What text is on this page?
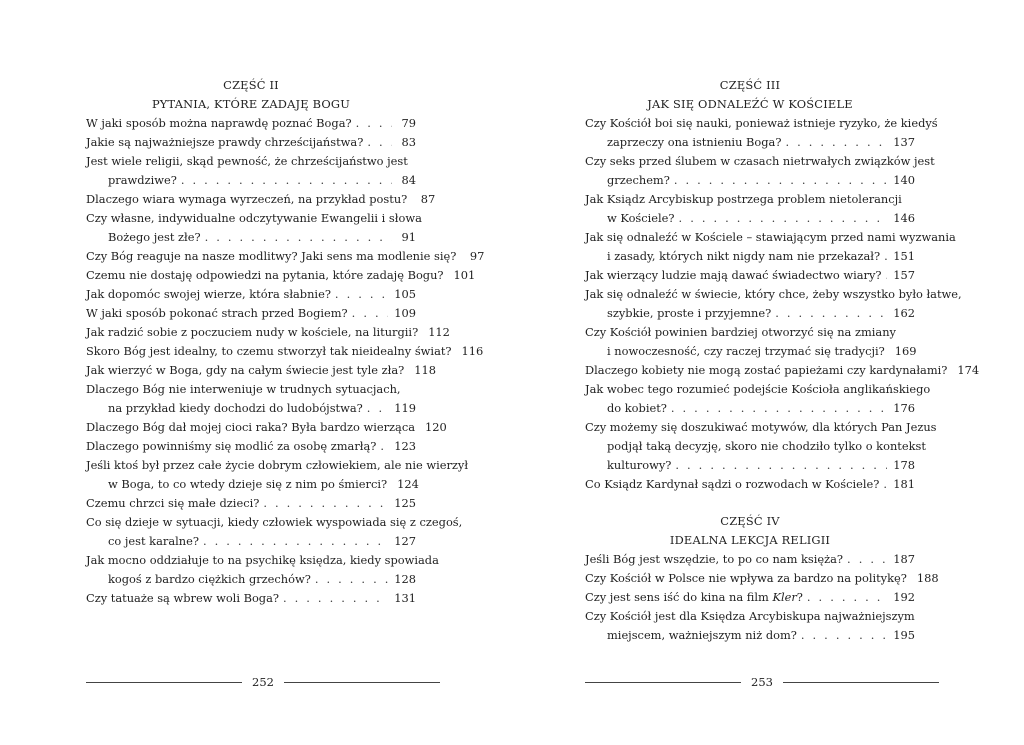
CZĘŚĆ II
PYTANIA, KTÓRE ZADAJĘ BOGU
W jaki sposób można naprawdę poznać Boga? . . .	79
Jakie są najważniejsze prawdy chrześcijaństwa? . . .	83
Jest wiele religii, skąd pewność, że chrześcijaństwo jest
prawdziwe? . . .	84
Dlaczego wiara wymaga wyrzeczeń, na przykład postu?	87
Czy własne, indywidualne odczytywanie Ewangelii i słowa
Bożego jest złe? . . .	91
Czy Bóg reaguje na nasze modlitwy? Jaki sens ma modlenie się?	97
Czemu nie dostaję odpowiedzi na pytania, które zadaję Bogu? 101
Jak dopomóc swojej wierze, która słabnie? . . .	105
W jaki sposób pokonać strach przed Bogiem? . . .	109
Jak radzić sobie z poczuciem nudy w kościele, na liturgii? 112
Skoro Bóg jest idealny, to czemu stworzył tak nieidealny świat? 116
Jak wierzyć w Boga, gdy na całym świecie jest tyle zła? 118
Dlaczego Bóg nie interweniuje w trudnych sytuacjach,
na przykład kiedy dochodzi do ludobójstwa? . . .	119
Dlaczego Bóg dał mojej cioci raka? Była bardzo wierząca 120
Dlaczego powinniśmy się modlić za osobę zmarłą? . . . 123
Jeśli ktoś był przez całe życie dobrym człowiekiem, ale nie wierzył
w Boga, to co wtedy dzieje się z nim po śmierci? 124
Czemu chrzci się małe dzieci? . . .	125
Co się dzieje w sytuacji, kiedy człowiek wyspowiada się z czegoś,
co jest karalne? . . .	127
Jak mocno oddziałuje to na psychikę księdza, kiedy spowiada
kogoś z bardzo ciężkich grzechów? . . .	128
Czy tatuaże są wbrew woli Boga? . . .	131
CZĘŚĆ III
JAK SIĘ ODNALEŹĆ W KOŚCIELE
Czy Kościół boi się nauki, ponieważ istnieje ryzyko, że kiedyś
zaprzeczy ona istnieniu Boga? . . .	137
Czy seks przed ślubem w czasach nietrwałych związków jest
grzechem? . . .	140
Jak Ksiądz Arcybiskup postrzega problem nietolerancji
w Kościele? . . .	146
Jak się odnaleźć w Kościele – stawiającym przed nami wyzwania
i zasady, których nikt nigdy nam nie przekazał? . . . 151
Jak wierzący ludzie mają dawać świadectwo wiary? . . . 157
Jak się odnaleźć w świecie, który chce, żeby wszystko było łatwe,
szybkie, proste i przyjemne? . . .	162
Czy Kościół powinien bardziej otworzyć się na zmiany
i nowoczesność, czy raczej trzymać się tradycji? 169
Dlaczego kobiety nie mogą zostać papieżami czy kardynałami? 174
Jak wobec tego rozumieć podejście Kościoła anglikańskiego
do kobiet? . . .	176
Czy możemy się doszukiwać motywów, dla których Pan Jezus
podjął taką decyzję, skoro nie chodziło tylko o kontekst
kulturowy? . . .	178
Co Ksiądz Kardynał sądzi o rozwodach w Kościele? . . . 181
CZĘŚĆ IV
IDEALNA LEKCJA RELIGII
Jeśli Bóg jest wszędzie, to po co nam księża? . . .	187
Czy Kościół w Polsce nie wpływa za bardzo na politykę? 188
Czy jest sens iść do kina na film Kler? . . .	192
Czy Kościół jest dla Księdza Arcybiskupa najważniejszym
miejscem, ważniejszym niż dom? . . .	195
252	253
